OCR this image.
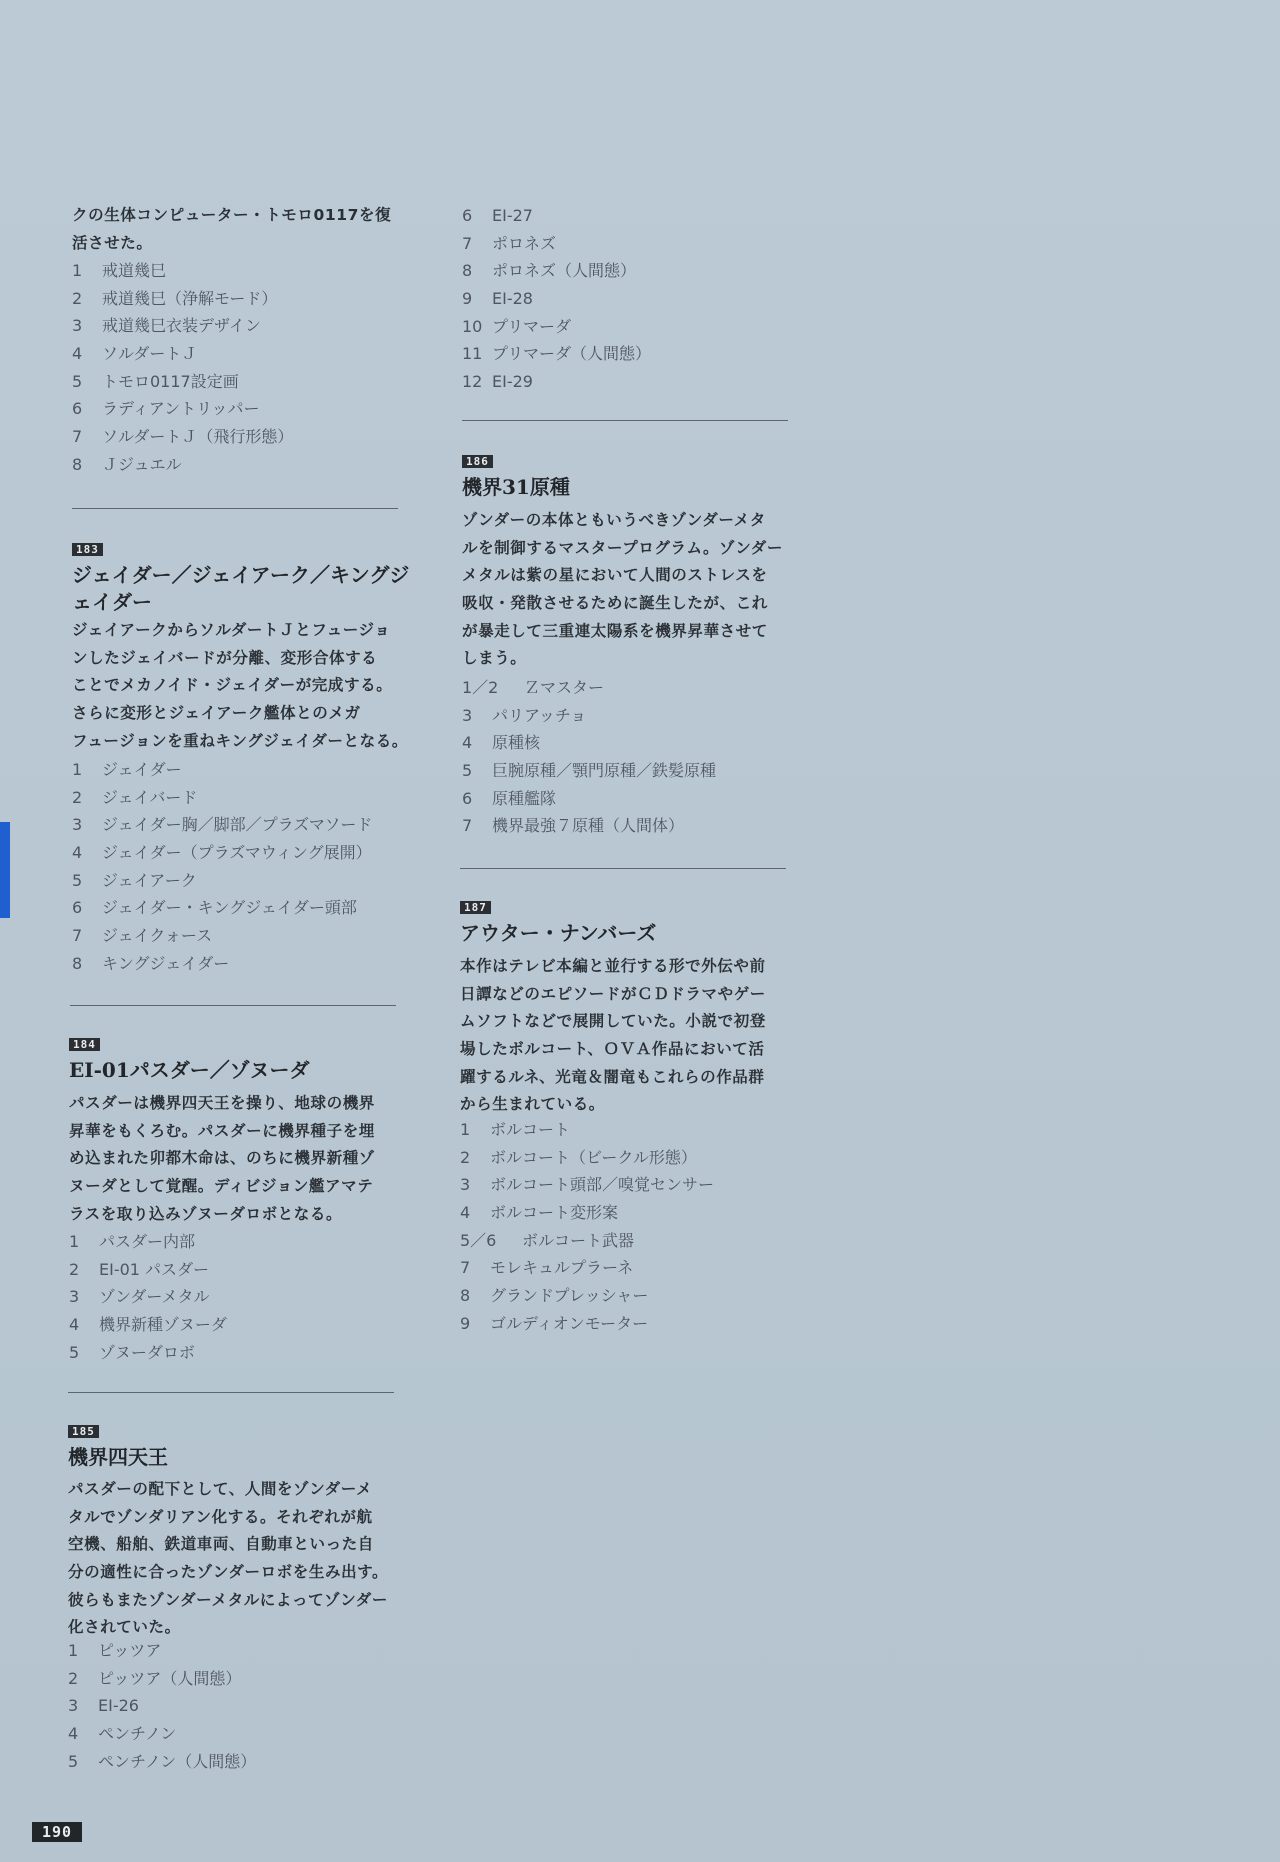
クの生体コンピューター・トモロ0117を復
活させた。
1 戒道幾巳
2 戒道幾巳（浄解モード）
3 戒道幾巳衣装デザイン
4 ソルダートＪ
5 トモロ0117設定画
6 ラディアントリッパー
7 ソルダートＪ（飛行形態）
8 Ｊジュエル
183
ジェイダー／ジェイアーク／キングジ
ェイダー
ジェイアークからソルダートＪとフュージョ
ンしたジェイバードが分離、変形合体する
ことでメカノイド・ジェイダーが完成する。
さらに変形とジェイアーク艦体とのメガ
フュージョンを重ねキングジェイダーとなる。
1 ジェイダー
2 ジェイバード
3 ジェイダー胸／脚部／プラズマソード
4 ジェイダー（プラズマウィング展開）
5 ジェイアーク
6 ジェイダー・キングジェイダー頭部
7 ジェイクォース
8 キングジェイダー
184
EI-01パスダー／ゾヌーダ
パスダーは機界四天王を操り、地球の機界
昇華をもくろむ。パスダーに機界種子を埋
め込まれた卯都木命は、のちに機界新種ゾ
ヌーダとして覚醒。ディビジョン艦アマテ
ラスを取り込みゾヌーダロボとなる。
1 パスダー内部
2 EI-01 パスダー
3 ゾンダーメタル
4 機界新種ゾヌーダ
5 ゾヌーダロボ
185
機界四天王
パスダーの配下として、人間をゾンダーメ
タルでゾンダリアン化する。それぞれが航
空機、船舶、鉄道車両、自動車といった自
分の適性に合ったゾンダーロボを生み出す。
彼らもまたゾンダーメタルによってゾンダー
化されていた。
1 ピッツア
2 ピッツア（人間態）
3 EI-26
4 ペンチノン
5 ペンチノン（人間態）
6 EI-27
7 ポロネズ
8 ポロネズ（人間態）
9 EI-28
10 プリマーダ
11 プリマーダ（人間態）
12 EI-29
186
機界31原種
ゾンダーの本体ともいうべきゾンダーメタ
ルを制御するマスタープログラム。ゾンダー
メタルは紫の星において人間のストレスを
吸収・発散させるために誕生したが、これ
が暴走して三重連太陽系を機界昇華させて
しまう。
1／2 Ｚマスター
3 パリアッチョ
4 原種核
5 巨腕原種／顎門原種／鉄髪原種
6 原種艦隊
7 機界最強７原種（人間体）
187
アウター・ナンバーズ
本作はテレビ本編と並行する形で外伝や前
日譚などのエピソードがＣＤドラマやゲー
ムソフトなどで展開していた。小説で初登
場したボルコート、ＯＶＡ作品において活
躍するルネ、光竜＆闇竜もこれらの作品群
から生まれている。
1 ボルコート
2 ボルコート（ビークル形態）
3 ボルコート頭部／嗅覚センサー
4 ボルコート変形案
5／6 ボルコート武器
7 モレキュルプラーネ
8 グランドプレッシャー
9 ゴルディオンモーター
190
